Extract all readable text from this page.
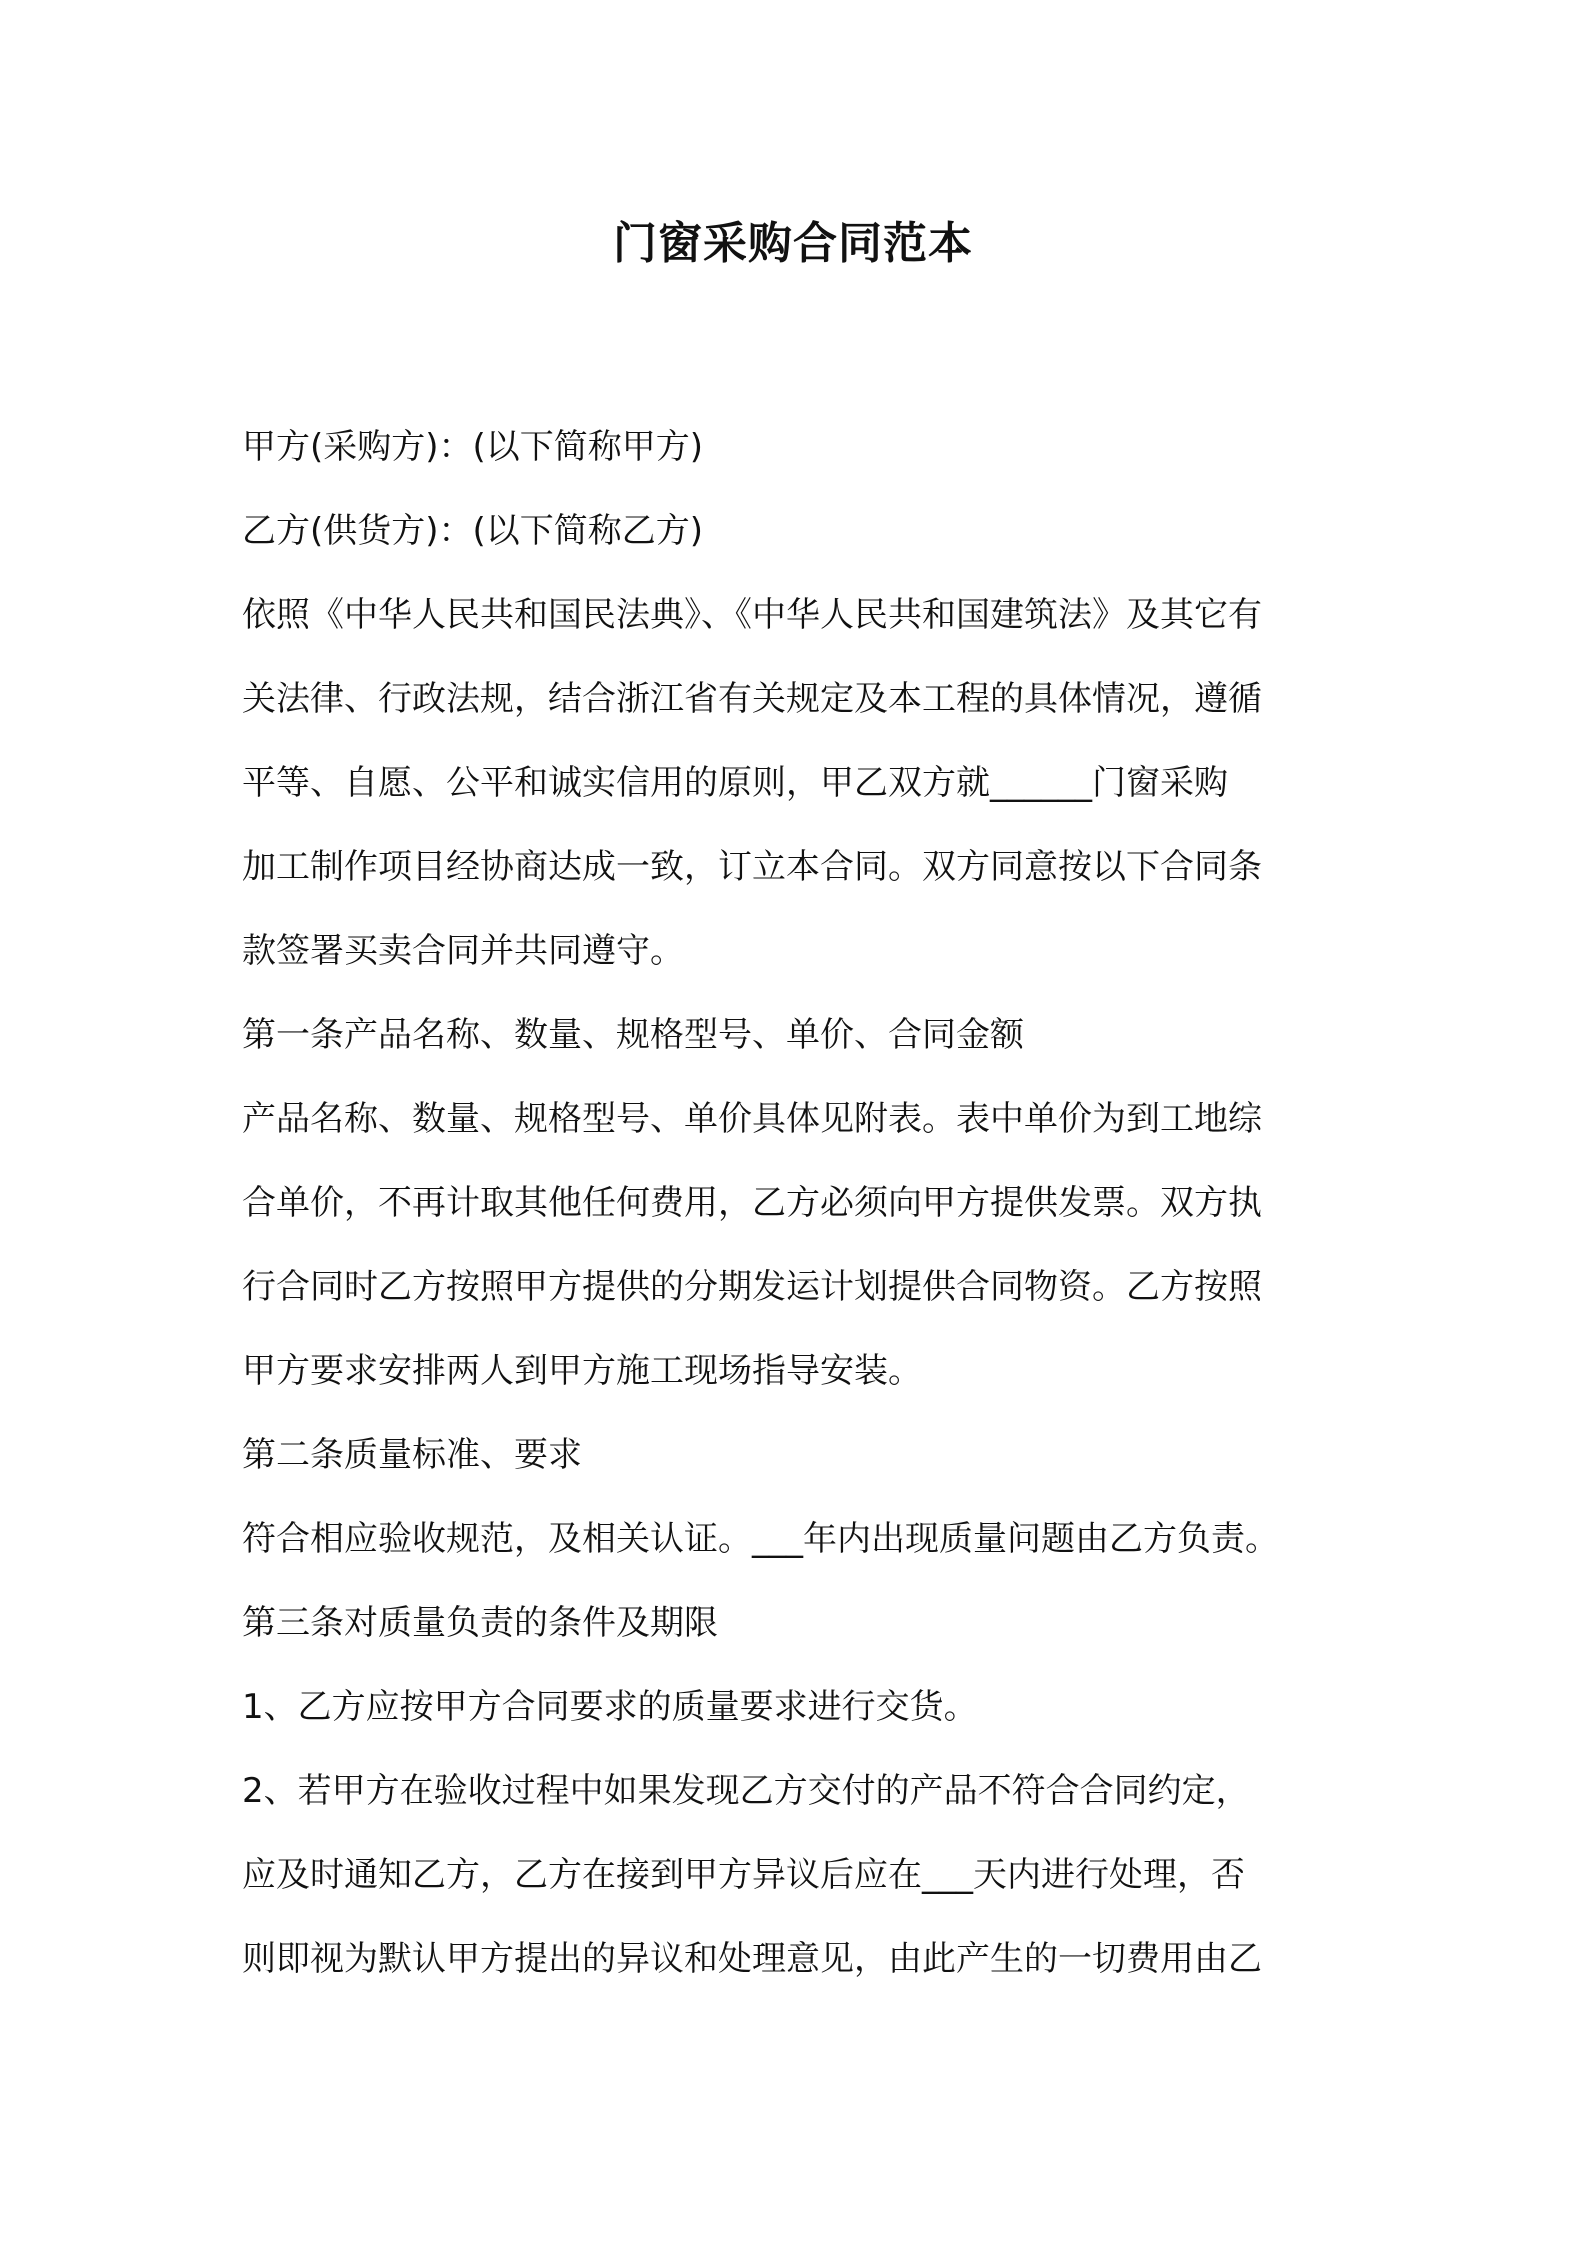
门窗采购合同范本
甲方(采购方)：(以下简称甲方)
乙方(供货方)：(以下简称乙方)
依照《中华人民共和国民法典》、《中华人民共和国建筑法》及其它有
关法律、行政法规，结合浙江省有关规定及本工程的具体情况，遵循
平等、自愿、公平和诚实信用的原则，甲乙双方就______门窗采购
加工制作项目经协商达成一致，订立本合同。双方同意按以下合同条
款签署买卖合同并共同遵守。
第一条产品名称、数量、规格型号、单价、合同金额
产品名称、数量、规格型号、单价具体见附表。表中单价为到工地综
合单价，不再计取其他任何费用，乙方必须向甲方提供发票。双方执
行合同时乙方按照甲方提供的分期发运计划提供合同物资。乙方按照
甲方要求安排两人到甲方施工现场指导安装。
第二条质量标准、要求
符合相应验收规范，及相关认证。___年内出现质量问题由乙方负责。
第三条对质量负责的条件及期限
1、乙方应按甲方合同要求的质量要求进行交货。
2、若甲方在验收过程中如果发现乙方交付的产品不符合合同约定，
应及时通知乙方，乙方在接到甲方异议后应在___天内进行处理，否
则即视为默认甲方提出的异议和处理意见，由此产生的一切费用由乙
